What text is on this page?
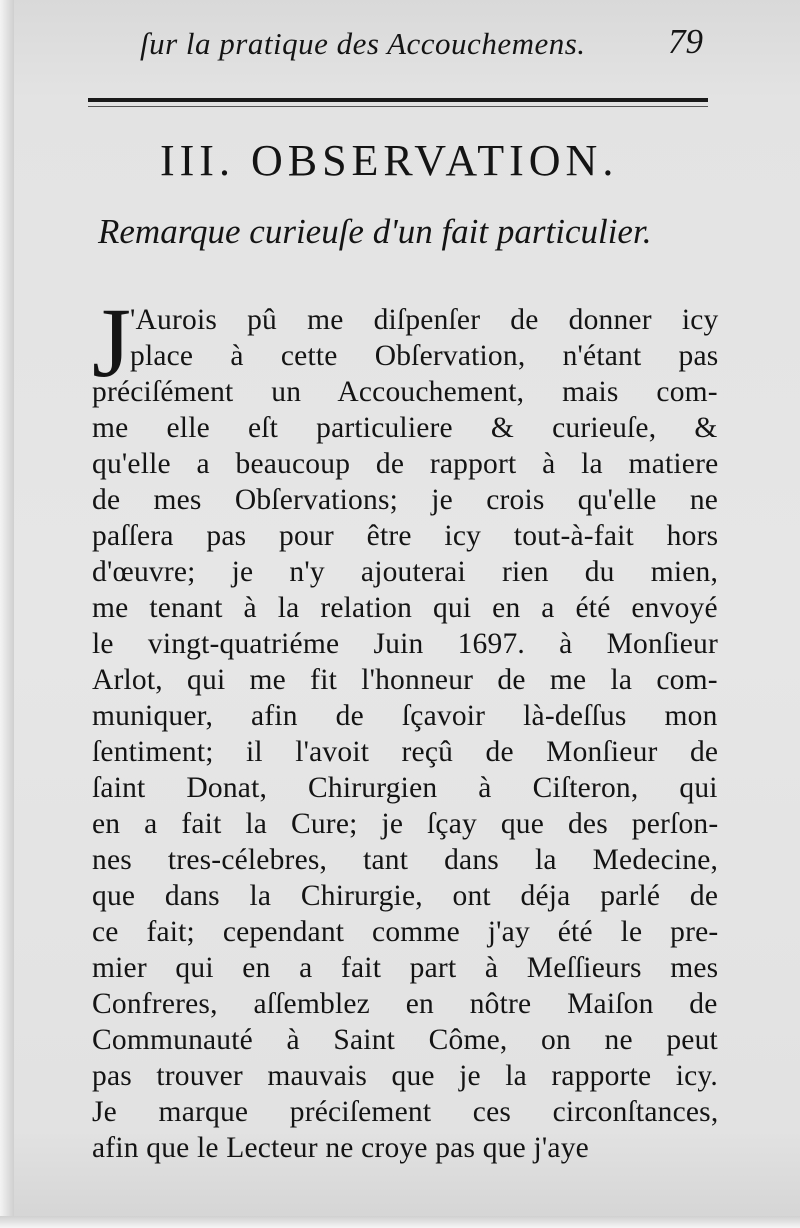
ſur la pratique des Accouchemens. 79
III. OBSERVATION.
Remarque curieuſe d'un fait particulier.
J 'Aurois pû me diſpenſer de donner icy
place à cette Obſervation, n'étant pas
préciſément un Accouchement, mais com-
me elle eſt particuliere & curieuſe, &
qu'elle a beaucoup de rapport à la matiere
de mes Obſervations; je crois qu'elle ne
paſſera pas pour être icy tout-à-fait hors
d'œuvre; je n'y ajouterai rien du mien,
me tenant à la relation qui en a été envoyé
le vingt-quatriéme Juin 1697. à Monſieur
Arlot, qui me fit l'honneur de me la com-
muniquer, afin de ſçavoir là-deſſus mon
ſentiment; il l'avoit reçû de Monſieur de
ſaint Donat, Chirurgien à Ciſteron, qui
en a fait la Cure; je ſçay que des perſon-
nes tres-célebres, tant dans la Medecine,
que dans la Chirurgie, ont déja parlé de
ce fait; cependant comme j'ay été le pre-
mier qui en a fait part à Meſſieurs mes
Confreres, aſſemblez en nôtre Maiſon de
Communauté à Saint Côme, on ne peut
pas trouver mauvais que je la rapporte icy.
Je marque préciſement ces circonſtances,
afin que le Lecteur ne croye pas que j'aye
